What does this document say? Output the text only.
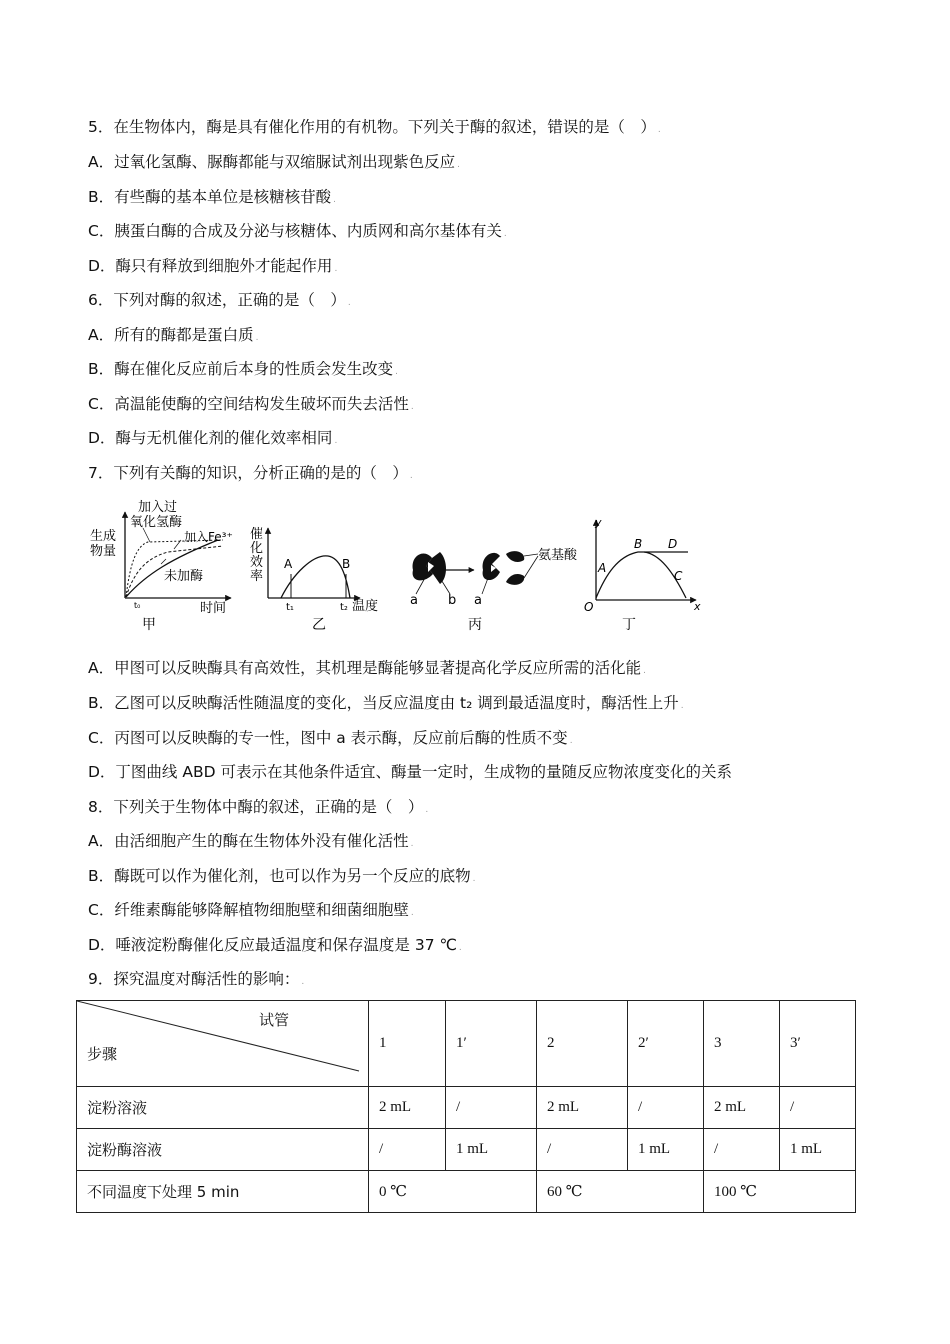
5．在生物体内，酶是具有催化作用的有机物。下列关于酶的叙述，错误的是（　） .
A．过氧化氢酶、脲酶都能与双缩脲试剂出现紫色反应 .
B．有些酶的基本单位是核糖核苷酸 .
C．胰蛋白酶的合成及分泌与核糖体、内质网和高尔基体有关 .
D．酶只有释放到细胞外才能起作用 .
6．下列对酶的叙述，正确的是（　） .
A．所有的酶都是蛋白质 .
B．酶在催化反应前后本身的性质会发生改变 .
C．高温能使酶的空间结构发生破坏而失去活性 .
D．酶与无机催化剂的催化效率相同 .
7．下列有关酶的知识，分析正确的是的（　） .
生成
物量
加入过
氧化氢酶
加入Fe³⁺
未加酶
t₀	时间
甲
催
化
效
率
A	B
t₁	t₂ 温度
乙
a b a
氨基酸
丙
y
x
O
A
B D
C
丁
A．甲图可以反映酶具有高效性，其机理是酶能够显著提高化学反应所需的活化能 .
B．乙图可以反映酶活性随温度的变化，当反应温度由 t₂ 调到最适温度时，酶活性上升 .
C．丙图可以反映酶的专一性，图中 a 表示酶，反应前后酶的性质不变 .
D．丁图曲线 ABD 可表示在其他条件适宜、酶量一定时，生成物的量随反应物浓度变化的关系
8．下列关于生物体中酶的叙述，正确的是（　） .
A．由活细胞产生的酶在生物体外没有催化活性 .
B．酶既可以作为催化剂，也可以作为另一个反应的底物 .
C．纤维素酶能够降解植物细胞壁和细菌细胞壁 .
D．唾液淀粉酶催化反应最适温度和保存温度是 37 ℃ .
9．探究温度对酶活性的影响： .
试管
步骤	1	1′	2	2′	3	3′
淀粉溶液	2 mL	/	2 mL	/	2 mL	/
淀粉酶溶液	/	1 mL	/	1 mL	/	1 mL
不同温度下处理 5 min	0 ℃		60 ℃		100 ℃	
